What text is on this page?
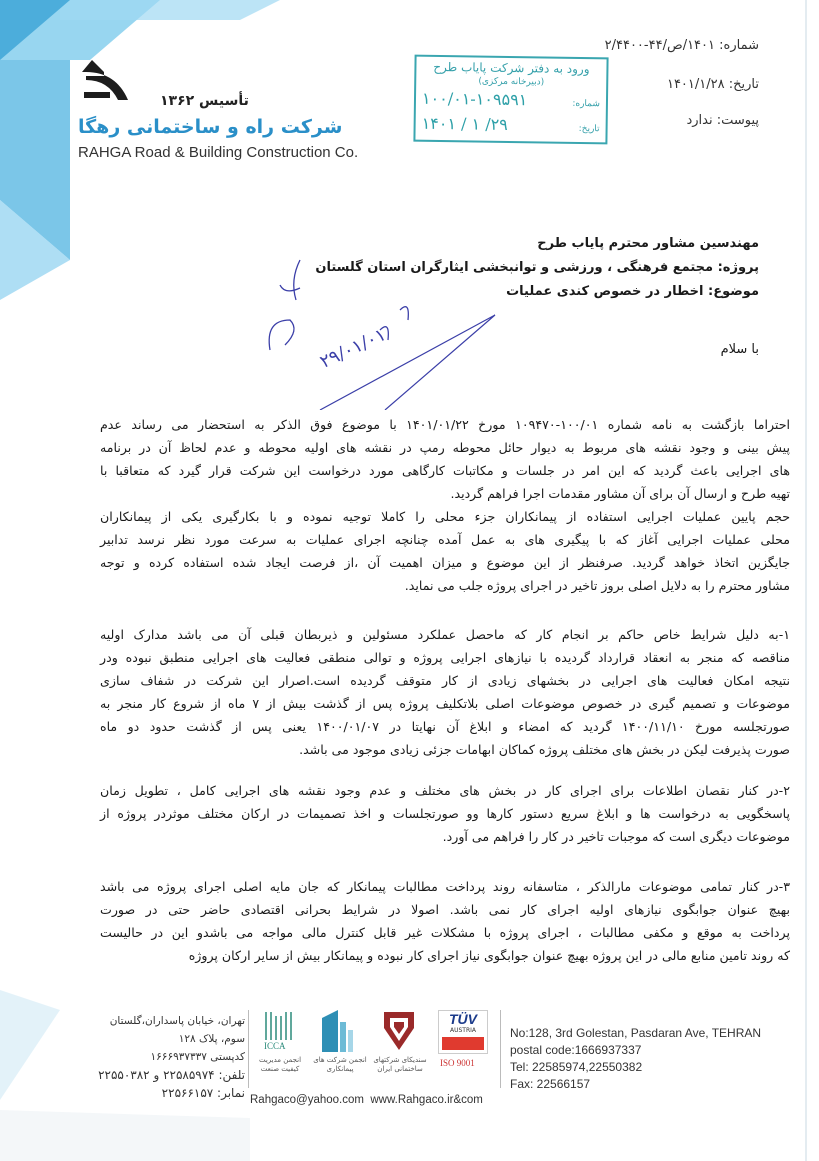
شماره: ۱۴۰۱/ص/۴۴-۲/۴۴۰۰
تاریخ: ۱۴۰۱/۱/۲۸
پیوست: ندارد
تأسیس ۱۳۶۲
شرکت راه و ساختمانی رهگا
RAHGA Road & Building Construction Co.
ورود به دفتر شرکت پایاب طرح
(دبیرخانه مرکزی)
شماره:
۱۰۰/۰۱-۱۰۹۵۹۱
تاریخ:
۲۹/ ۱ / ۱۴۰۱
۲۹/۰۱/۰۱
مهندسین مشاور محترم پایاب طرح
پروژه: مجتمع فرهنگی ، ورزشی و توانبخشی ایثارگران استان گلستان
موضوع: اخطار در خصوص کندی عملیات
با سلام
احتراما بازگشت به نامه شماره ۱۰۰/۰۱-۱۰۹۴۷۰ مورخ ۱۴۰۱/۰۱/۲۲ با موضوع فوق الذکر به استحضار می رساند عدم
پیش بینی و وجود نقشه های مربوط به دیوار حائل محوطه رمپ در نقشه های اولیه محوطه و عدم لحاظ آن در برنامه
های اجرایی باعث گردید که این امر در جلسات و مکاتبات کارگاهی مورد درخواست این شرکت قرار گیرد که متعاقبا با
تهیه طرح و ارسال آن برای آن مشاور مقدمات اجرا فراهم گردید.
حجم پایین عملیات اجرایی استفاده از پیمانکاران جزء محلی را کاملا توجیه نموده و با بکارگیری یکی از پیمانکاران
محلی عملیات اجرایی آغاز که با پیگیری های به عمل آمده چنانچه اجرای عملیات به سرعت مورد نظر نرسد تدابیر
جایگزین اتخاذ خواهد گردید. صرفنظر از این موضوع و میزان اهمیت آن ،از فرصت ایجاد شده استفاده کرده و توجه
مشاور محترم را به دلایل اصلی بروز تاخیر در اجرای پروژه جلب می نماید.
۱-به دلیل شرایط خاص حاکم بر انجام کار که ماحصل عملکرد مسئولین و ذیربطان قبلی آن می باشد مدارک اولیه
مناقصه که منجر به انعقاد قرارداد گردیده با نیازهای اجرایی پروژه و توالی منطقی فعالیت های اجرایی منطبق نبوده ودر
نتیجه امکان فعالیت های اجرایی در بخشهای زیادی از کار متوقف گردیده است.اصرار این شرکت در شفاف سازی
موضوعات و تصمیم گیری در خصوص موضوعات اصلی بلاتکلیف پروژه پس از گذشت بیش از ۷ ماه از شروع کار منجر به
صورتجلسه مورخ ۱۴۰۰/۱۱/۱۰ گردید که امضاء و ابلاغ آن نهایتا در ۱۴۰۰/۰۱/۰۷ یعنی پس از گذشت حدود دو ماه
صورت پذیرفت لیکن در بخش های مختلف پروژه کماکان ابهامات جزئی زیادی موجود می باشد.
۲-در کنار نقصان اطلاعات برای اجرای کار در بخش های مختلف و عدم وجود نقشه های اجرایی کامل ، تطویل زمان
پاسخگویی به درخواست ها و ابلاغ سریع دستور کارها وو صورتجلسات و اخذ تصمیمات در ارکان مختلف موثردر پروژه از
موضوعات دیگری است که موجبات تاخیر در کار را فراهم می آورد.
۳-در کنار تمامی موضوعات مارالذکر ، متاسفانه روند پرداخت مطالبات پیمانکار که جان مایه اصلی اجرای پروژه می باشد
بهیچ عنوان جوابگوی نیازهای اولیه اجرای کار نمی باشد. اصولا در شرایط بحرانی اقتصادی حاضر حتی در صورت
پرداخت به موقع و مکفی مطالبات ، اجرای پروژه با مشکلات غیر قابل کنترل مالی مواجه می باشدو این در حالیست
که روند تامین منابع مالی در این پروژه بهیچ عنوان جوابگوی نیاز اجرای کار نبوده و پیمانکار بیش از سایر ارکان پروژه
تهران، خیابان پاسداران،گلستان سوم، پلاک ۱۲۸
کدپستی ۱۶۶۶۹۳۷۳۳۷
تلفن: ۲۲۵۸۵۹۷۴ و ۲۲۵۵۰۳۸۲
نمابر: ۲۲۵۶۶۱۵۷
ICCA
انجمن مدیریت کیفیت صنعت
انجمن شرکت های پیمانکاری
سندیکای شرکتهای ساختمانی ایران
TÜV
AUSTRIA
ISO 9001
Rahgaco@yahoo.com www.Rahgaco.ir&com
No:128, 3rd Golestan, Pasdaran Ave, TEHRAN
postal code:1666937337
Tel: 22585974,22550382
Fax: 22566157
